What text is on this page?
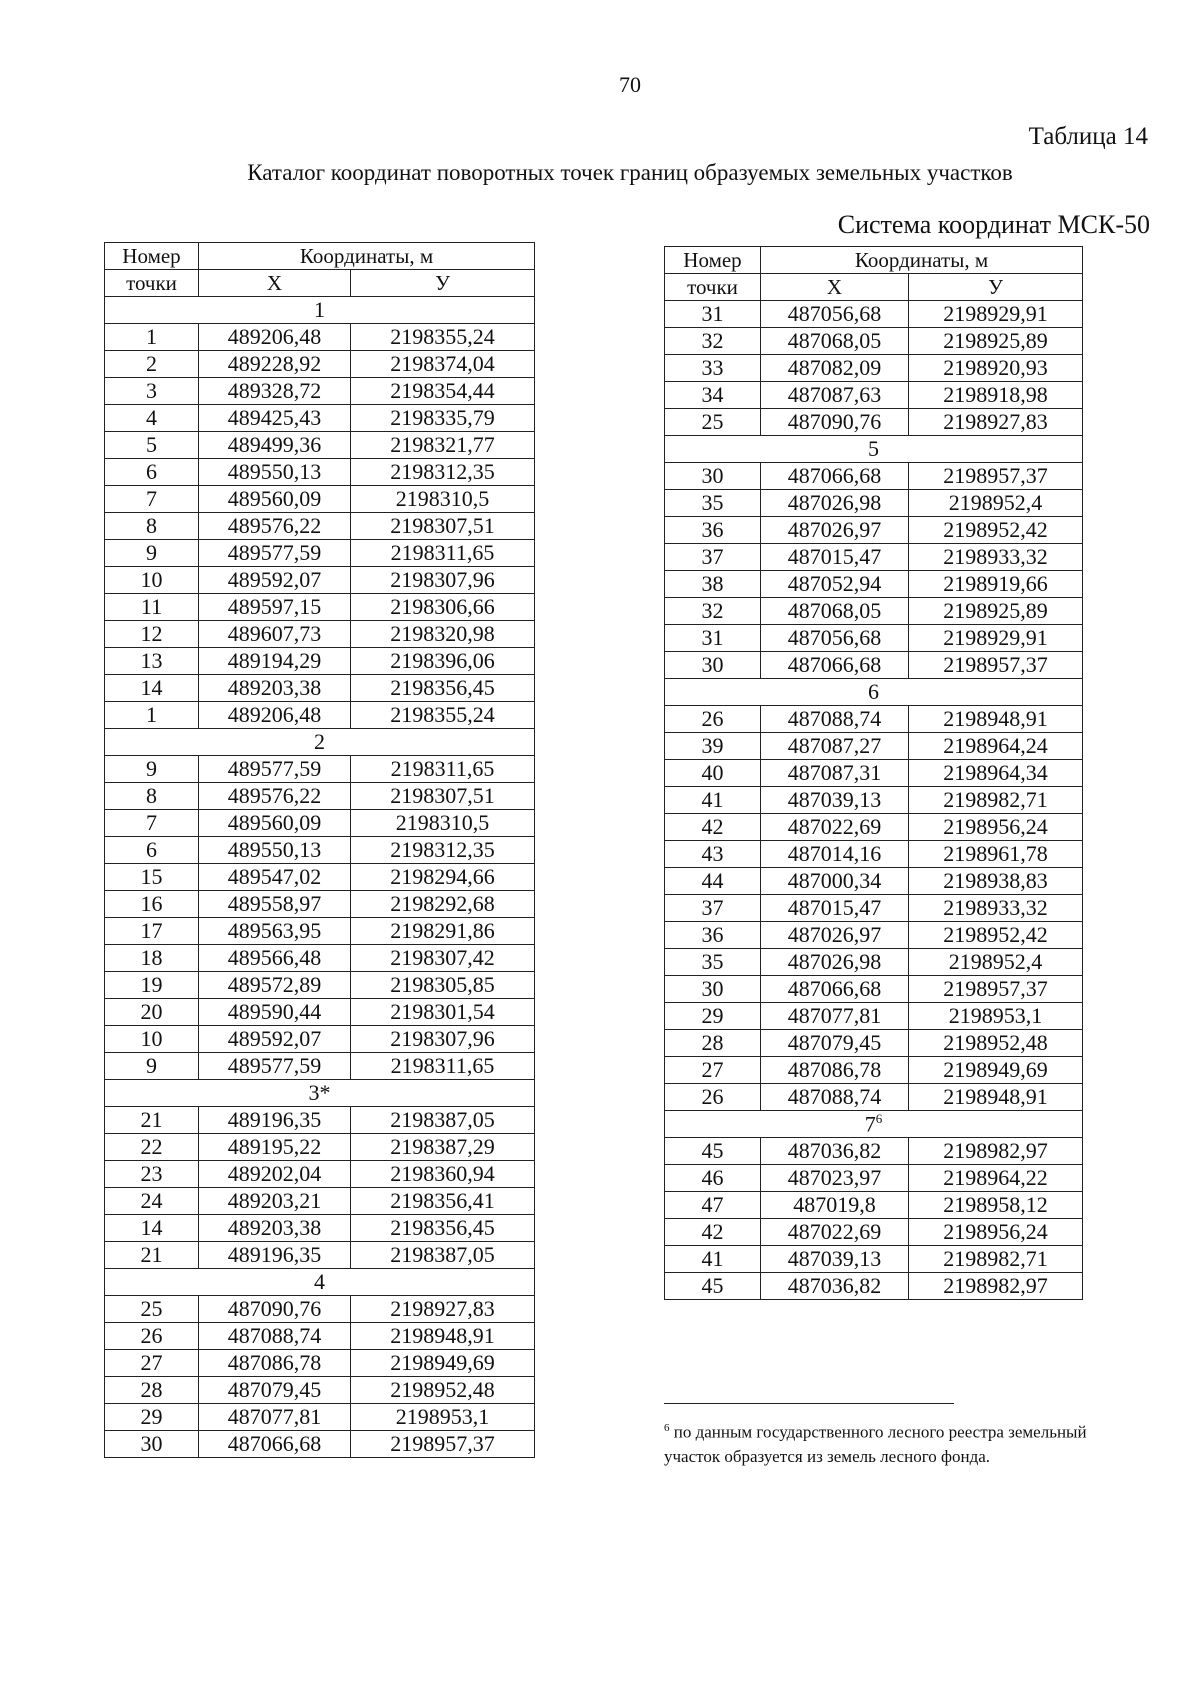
70
Таблица 14
Каталог координат поворотных точек границ образуемых земельных участков
Система координат МСК-50
Номер	Координаты, м	
точки	X	У
1		
1	489206,48	2198355,24
2	489228,92	2198374,04
3	489328,72	2198354,44
4	489425,43	2198335,79
5	489499,36	2198321,77
6	489550,13	2198312,35
7	489560,09	2198310,5
8	489576,22	2198307,51
9	489577,59	2198311,65
10	489592,07	2198307,96
11	489597,15	2198306,66
12	489607,73	2198320,98
13	489194,29	2198396,06
14	489203,38	2198356,45
1	489206,48	2198355,24
2		
9	489577,59	2198311,65
8	489576,22	2198307,51
7	489560,09	2198310,5
6	489550,13	2198312,35
15	489547,02	2198294,66
16	489558,97	2198292,68
17	489563,95	2198291,86
18	489566,48	2198307,42
19	489572,89	2198305,85
20	489590,44	2198301,54
10	489592,07	2198307,96
9	489577,59	2198311,65
3*		
21	489196,35	2198387,05
22	489195,22	2198387,29
23	489202,04	2198360,94
24	489203,21	2198356,41
14	489203,38	2198356,45
21	489196,35	2198387,05
4		
25	487090,76	2198927,83
26	487088,74	2198948,91
27	487086,78	2198949,69
28	487079,45	2198952,48
29	487077,81	2198953,1
30	487066,68	2198957,37
Номер	Координаты, м	
точки	X	У
31	487056,68	2198929,91
32	487068,05	2198925,89
33	487082,09	2198920,93
34	487087,63	2198918,98
25	487090,76	2198927,83
5		
30	487066,68	2198957,37
35	487026,98	2198952,4
36	487026,97	2198952,42
37	487015,47	2198933,32
38	487052,94	2198919,66
32	487068,05	2198925,89
31	487056,68	2198929,91
30	487066,68	2198957,37
6		
26	487088,74	2198948,91
39	487087,27	2198964,24
40	487087,31	2198964,34
41	487039,13	2198982,71
42	487022,69	2198956,24
43	487014,16	2198961,78
44	487000,34	2198938,83
37	487015,47	2198933,32
36	487026,97	2198952,42
35	487026,98	2198952,4
30	487066,68	2198957,37
29	487077,81	2198953,1
28	487079,45	2198952,48
27	487086,78	2198949,69
26	487088,74	2198948,91
$7^6$
45	487036,82	2198982,97
46	487023,97	2198964,22
47	487019,8	2198958,12
42	487022,69	2198956,24
41	487039,13	2198982,71
45	487036,82	2198982,97
$^6$ по данным государственного лесного реестра земельный участок образуется из земель лесного фонда.
